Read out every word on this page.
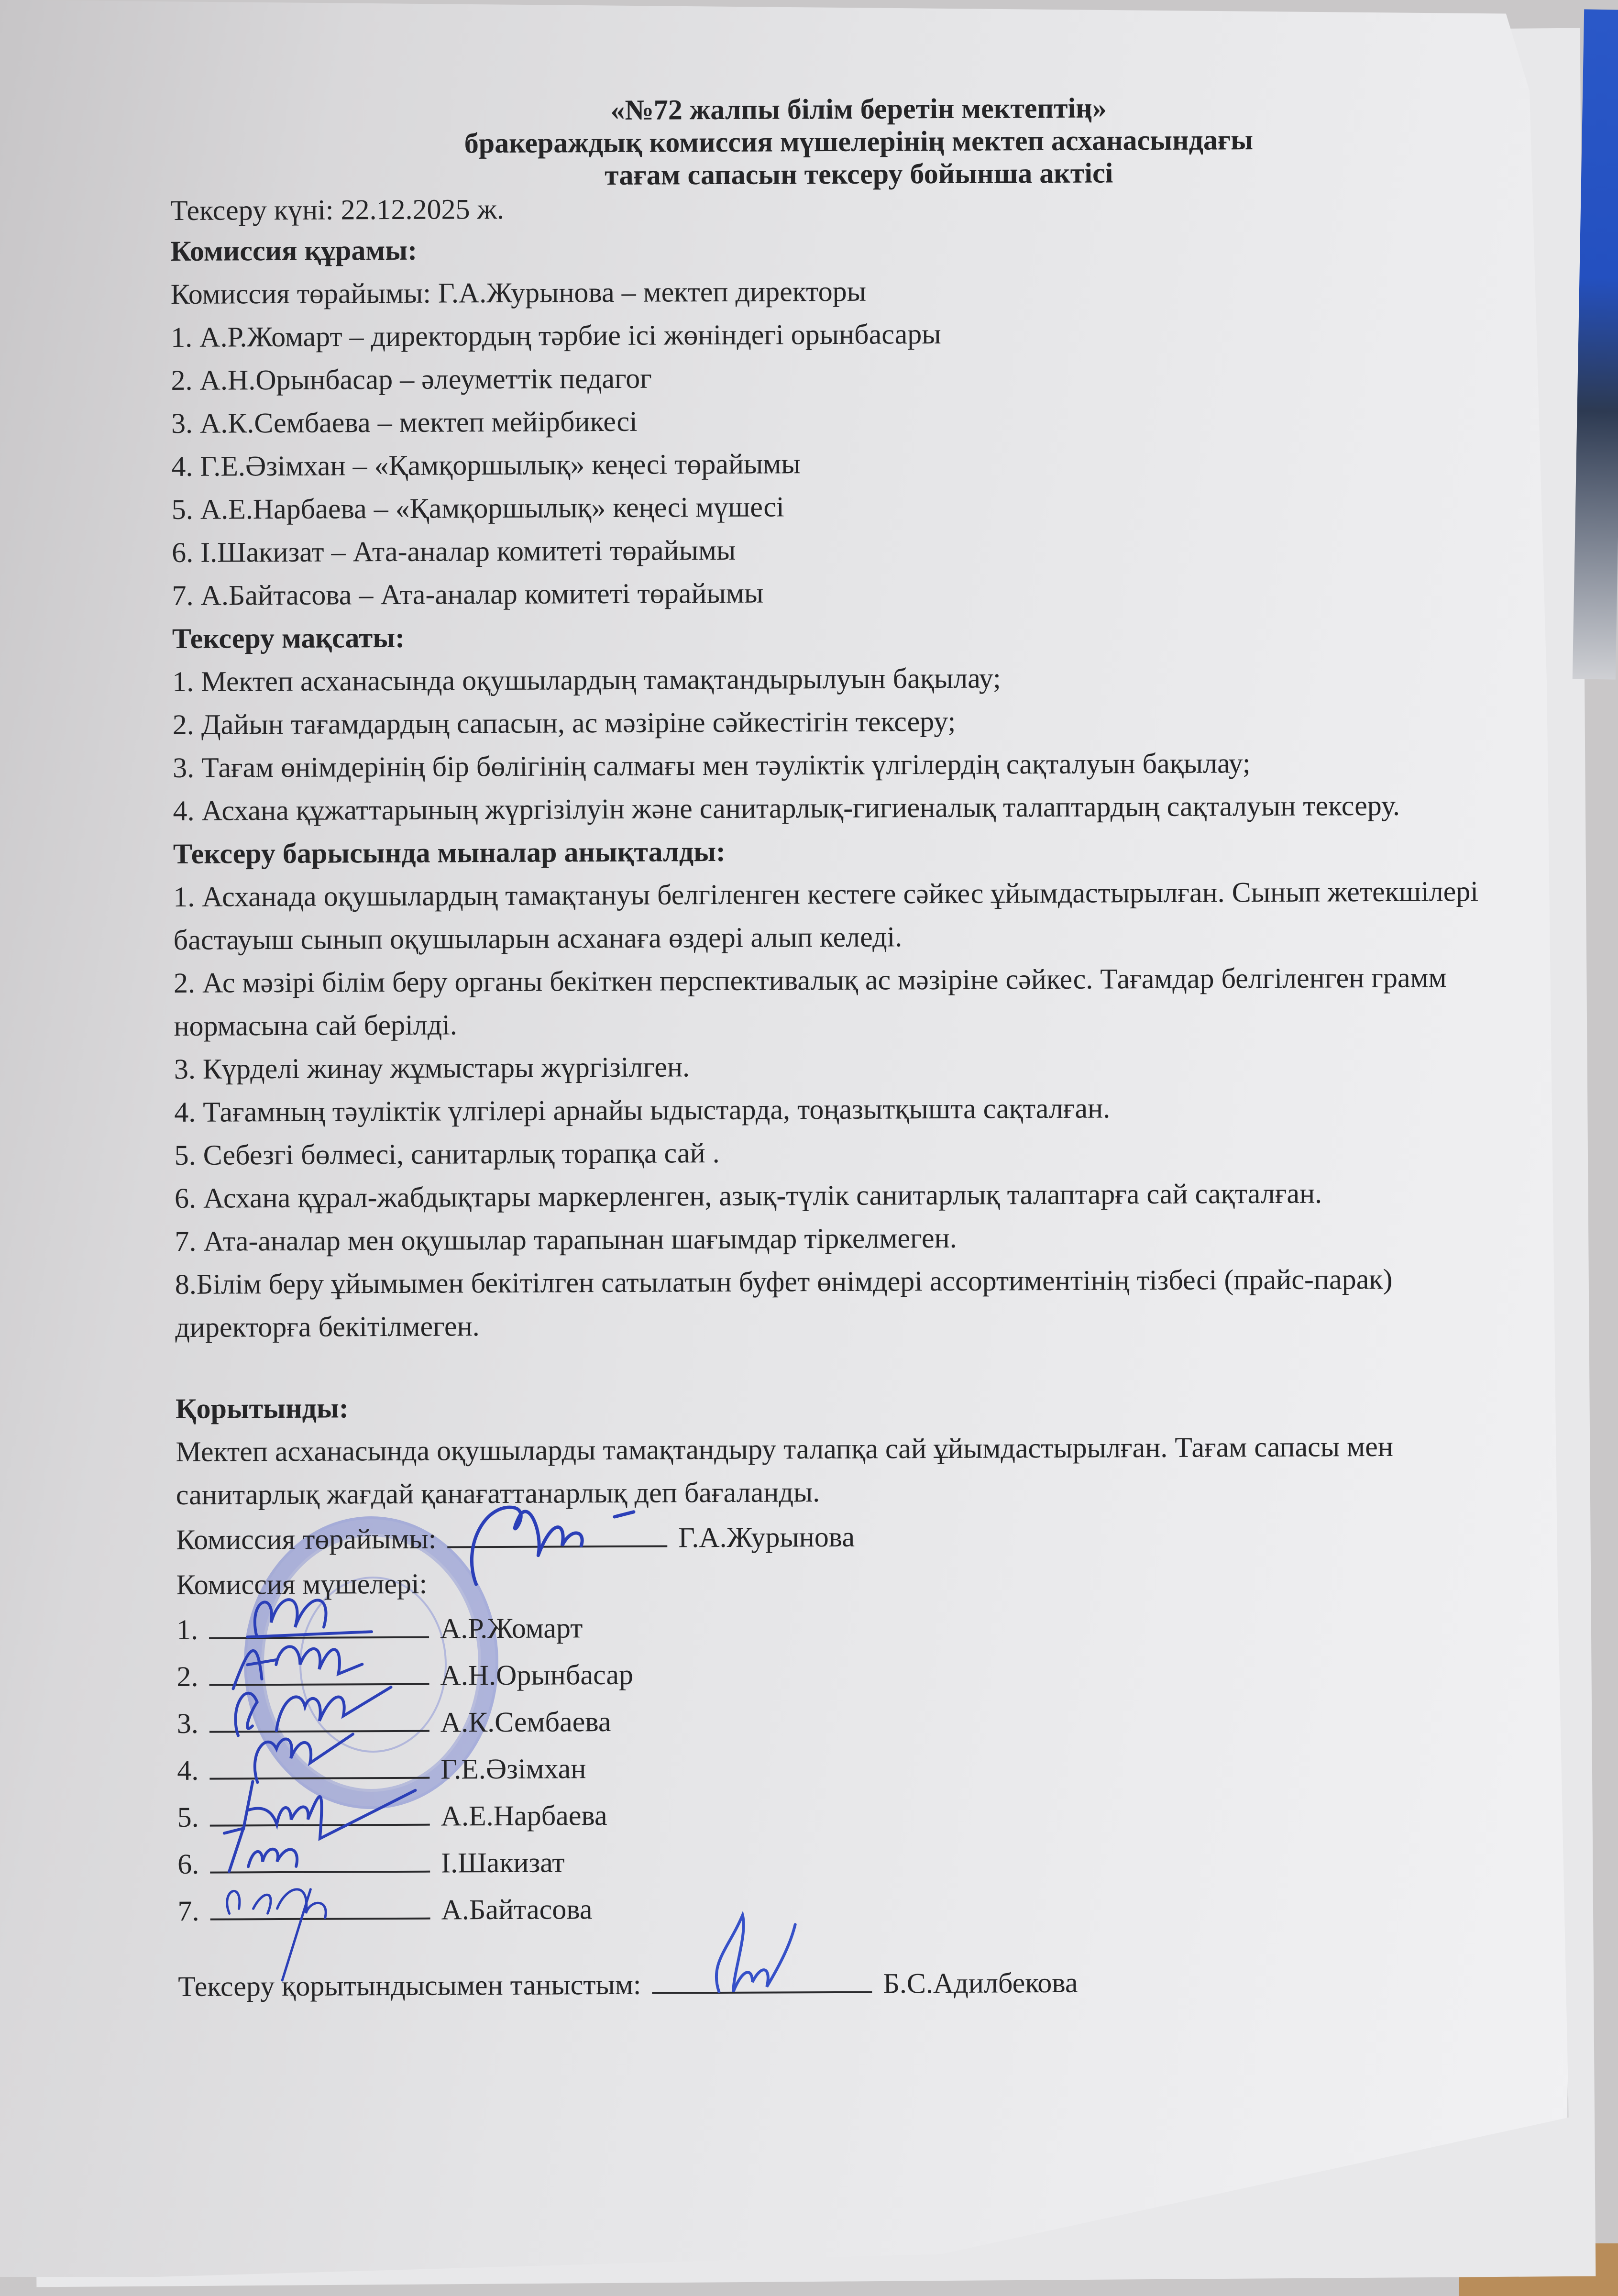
«№72 жалпы білім беретін мектептің»
бракераждық комиссия мүшелерінің мектеп асханасындағы
тағам сапасын тексеру бойынша актісі
Тексеру күні: 22.12.2025 ж.
Комиссия құрамы:
Комиссия төрайымы: Г.А.Журынова – мектеп директоры
1. А.Р.Жомарт – директордың тәрбие ісі жөніндегі орынбасары
2. А.Н.Орынбасар – әлеуметтік педагог
3. А.К.Сембаева – мектеп мейірбикесі
4. Г.Е.Әзімхан – «Қамқоршылық» кеңесі төрайымы
5. А.Е.Нарбаева – «Қамқоршылық» кеңесі мүшесі
6. І.Шакизат – Ата-аналар комитеті төрайымы
7. А.Байтасова – Ата-аналар комитеті төрайымы
Тексеру мақсаты:
1. Мектеп асханасында оқушылардың тамақтандырылуын бақылау;
2. Дайын тағамдардың сапасын, ас мәзіріне сәйкестігін тексеру;
3. Тағам өнімдерінің бір бөлігінің салмағы мен тәуліктік үлгілердің сақталуын бақылау;
4. Асхана құжаттарының жүргізілуін және санитарлық-гигиеналық талаптардың сақталуын тексеру.
Тексеру барысында мыналар анықталды:
1. Асханада оқушылардың тамақтануы белгіленген кестеге сәйкес ұйымдастырылған. Сынып жетекшілері бастауыш сынып оқушыларын асханаға өздері алып келеді.
2. Ас мәзірі білім беру органы бекіткен перспективалық ас мәзіріне сәйкес. Тағамдар белгіленген грамм нормасына сай берілді.
3. Күрделі жинау жұмыстары жүргізілген.
4. Тағамның тәуліктік үлгілері арнайы ыдыстарда, тоңазытқышта сақталған.
5. Себезгі бөлмесі, санитарлық торапқа сай .
6. Асхана құрал-жабдықтары маркерленген, азық-түлік санитарлық талаптарға сай сақталған.
7. Ата-аналар мен оқушылар тарапынан шағымдар тіркелмеген.
8.Білім беру ұйымымен бекітілген сатылатын буфет өнімдері ассортиментінің тізбесі (прайс-парак) директорға бекітілмеген.
Қорытынды:
Мектеп асханасында оқушыларды тамақтандыру талапқа сай ұйымдастырылған. Тағам сапасы мен санитарлық жағдай қанағаттанарлық деп бағаланды.
Комиссия төрайымы:	Г.А.Журынова
Комиссия мүшелері:
1.	А.Р.Жомарт
2.	А.Н.Орынбасар
3.	А.К.Сембаева
4.	Г.Е.Әзімхан
5.	А.Е.Нарбаева
6.	І.Шакизат
7.	А.Байтасова
Тексеру қорытындысымен таныстым:	Б.С.Адилбекова
